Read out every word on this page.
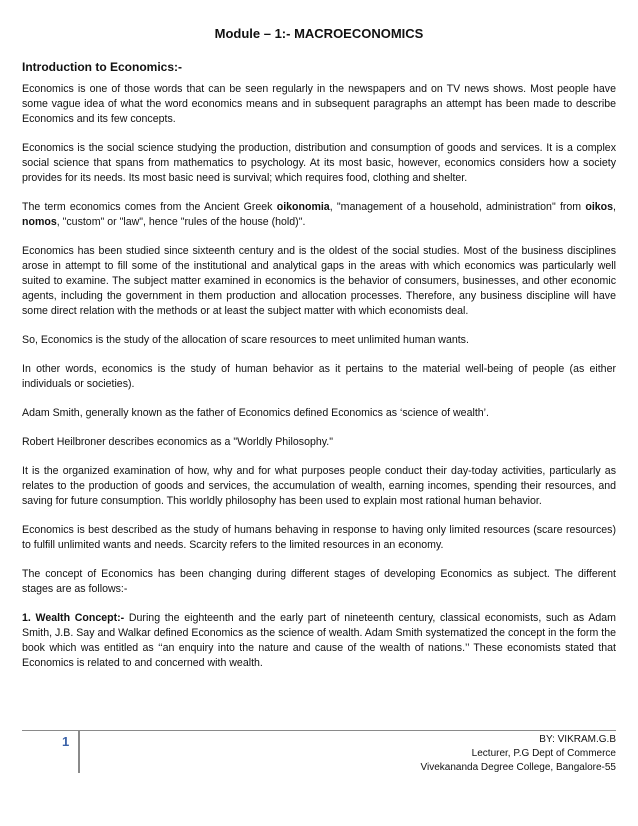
Module – 1:- MACROECONOMICS
Introduction to Economics:-

Economics is one of those words that can be seen regularly in the newspapers and on TV news shows. Most people have some vague idea of what the word economics means and in subsequent paragraphs an attempt has been made to describe Economics and its few concepts.

Economics is the social science studying the production, distribution and consumption of goods and services. It is a complex social science that spans from mathematics to psychology. At its most basic, however, economics considers how a society provides for its needs. Its most basic need is survival; which requires food, clothing and shelter.

The term economics comes from the Ancient Greek oikonomia, "management of a household, administration" from oikos, nomos, "custom" or "law", hence "rules of the house (hold)".

Economics has been studied since sixteenth century and is the oldest of the social studies. Most of the business disciplines arose in attempt to fill some of the institutional and analytical gaps in the areas with which economics was particularly well suited to examine. The subject matter examined in economics is the behavior of consumers, businesses, and other economic agents, including the government in them production and allocation processes. Therefore, any business discipline will have some direct relation with the methods or at least the subject matter with which economists deal.

So, Economics is the study of the allocation of scare resources to meet unlimited human wants.

In other words, economics is the study of human behavior as it pertains to the material well-being of people (as either individuals or societies).

Adam Smith, generally known as the father of Economics defined Economics as ‘science of wealth’.

Robert Heilbroner describes economics as a "Worldly Philosophy."

It is the organized examination of how, why and for what purposes people conduct their day-today activities, particularly as relates to the production of goods and services, the accumulation of wealth, earning incomes, spending their resources, and saving for future consumption. This worldly philosophy has been used to explain most rational human behavior.

Economics is best described as the study of humans behaving in response to having only limited resources (scare resources) to fulfill unlimited wants and needs. Scarcity refers to the limited resources in an economy.

The concept of Economics has been changing during different stages of developing Economics as subject. The different stages are as follows:-

1. Wealth Concept:- During the eighteenth and the early part of nineteenth century, classical economists, such as Adam Smith, J.B. Say and Walkar defined Economics as the science of wealth. Adam Smith systematized the concept in the form the book which was entitled as ‘‘an enquiry into the nature and cause of the wealth of nations.’’ These economists stated that Economics is related to and concerned with wealth.

1	BY: VIKRAM.G.B
Lecturer, P.G Dept of Commerce
Vivekananda Degree College, Bangalore-55
